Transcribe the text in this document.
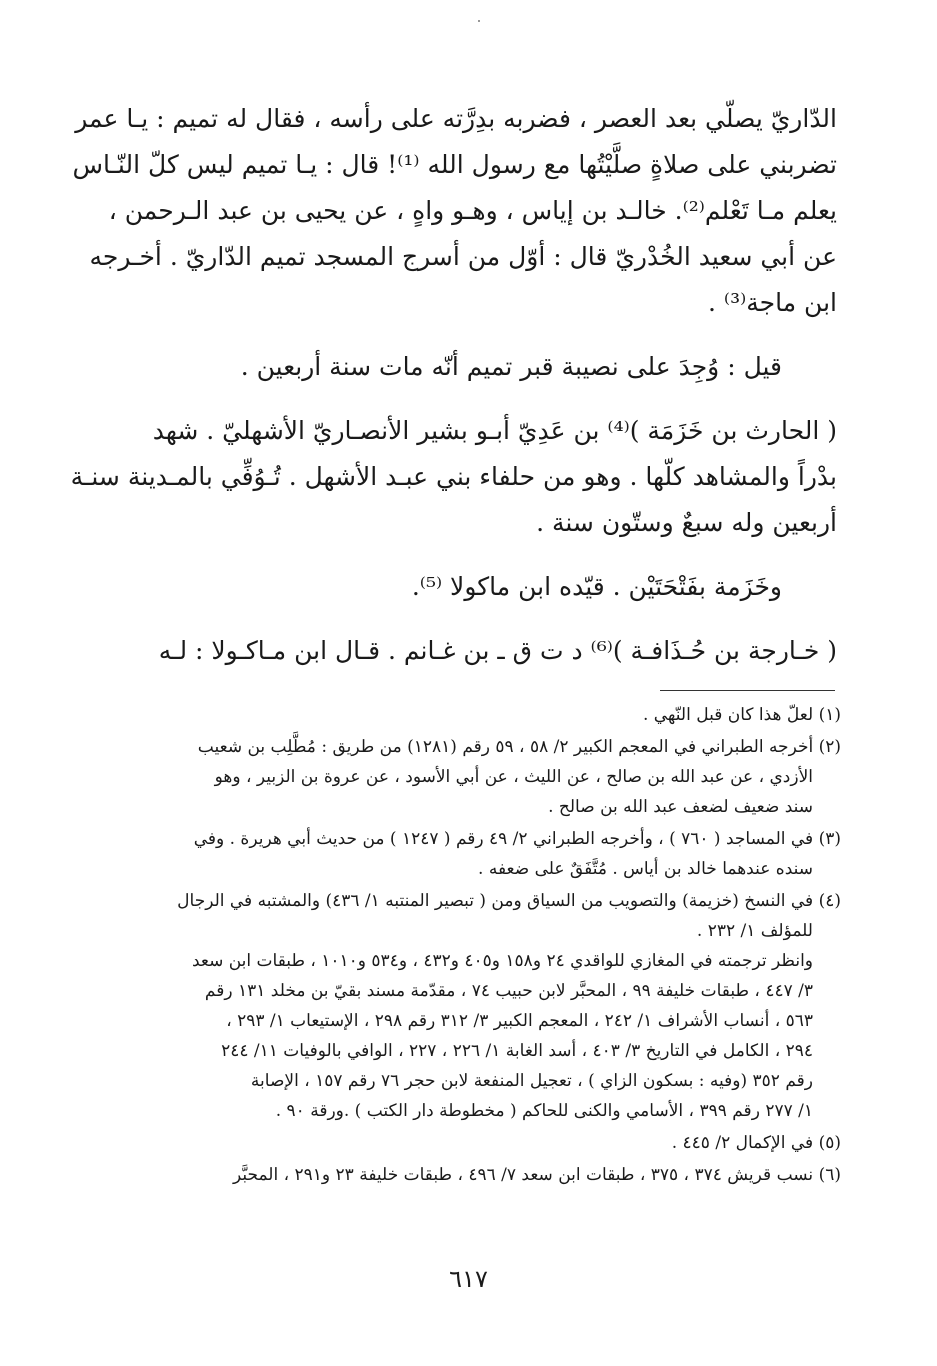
الدّاريّ يصلّي بعد العصر ، فضربه بدِرَّته على رأسه ، فقال له تميم : يـا عمر
تضربني على صلاةٍ صلَّيْتُها مع رسول الله ⁽¹⁾! قال : يـا تميم ليس كلّ النّـاس
يعلم مـا تَعْلم⁽²⁾. خالـد بن إياس ، وهـو واهٍ ، عن يحيى بن عبد الـرحمن ،
عن أبي سعيد الخُدْريّ قال : أوّل من أسرج المسجد تميم الدّاريّ . أخـرجه
ابن ماجة⁽³⁾ .
قيل : وُجِدَ على نصيبة قبر تميم أنّه مات سنة أربعين .
( الحارث بن خَزَمَة )⁽⁴⁾ بن عَدِيّ أبـو بشير الأنصـاريّ الأشهليّ . شهد
بدْراً والمشاهد كلّها . وهو من حلفاء بني عبـد الأشهل . تُـوُفِّي بالمـدينة سنـة
أربعين وله سبعٌ وستّون سنة .
وخَزَمة بفَتْحَتَيْن . قيّده ابن ماكولا ⁽⁵⁾.
( خـارجة بن حُـذَافـة )⁽⁶⁾ د ت ق ـ بن غـانم . قـال ابن مـاكـولا : لـه
(١) لعلّ هذا كان قبل النّهي .
(٢) أخرجه الطبراني في المعجم الكبير ٢/ ٥٨ ، ٥٩ رقم (١٢٨١) من طريق : مُطَّلِب بن شعيب
الأزدي ، عن عبد الله بن صالح ، عن الليث ، عن أبي الأسود ، عن عروة بن الزبير ، وهو
سند ضعيف لضعف عبد الله بن صالح .
(٣) في المساجد ( ٧٦٠ ) ، وأخرجه الطبراني ٢/ ٤٩ رقم ( ١٢٤٧ ) من حديث أبي هريرة . وفي
سنده عندهما خالد بن أياس . مُتَّفَقٌ على ضعفه .
(٤) في النسخ (خزيمة) والتصويب من السياق ومن ( تبصير المنتبه ١/ ٤٣٦) والمشتبه في الرجال
للمؤلف ١/ ٢٣٢ .
وانظر ترجمته في المغازي للواقدي ٢٤ و١٥٨ و٤٠٥ و٤٣٢ ، و٥٣٤ و١٠١٠ ، طبقات ابن سعد
٣/ ٤٤٧ ، طبقات خليفة ٩٩ ، المحبَّر لابن حبيب ٧٤ ، مقدّمة مسند بقيّ بن مخلد ١٣١ رقم
٥٦٣ ، أنساب الأشراف ١/ ٢٤٢ ، المعجم الكبير ٣/ ٣١٢ رقم ٢٩٨ ، الإستيعاب ١/ ٢٩٣ ،
٢٩٤ ، الكامل في التاريخ ٣/ ٤٠٣ ، أسد الغابة ١/ ٢٢٦ ، ٢٢٧ ، الوافي بالوفيات ١١/ ٢٤٤
رقم ٣٥٢ (وفيه : بسكون الزاي ) ، تعجيل المنفعة لابن حجر ٧٦ رقم ١٥٧ ، الإصابة
١/ ٢٧٧ رقم ٣٩٩ ، الأسامي والكنى للحاكم ( مخطوطة دار الكتب ) .ورقة ٩٠ .
(٥) في الإكمال ٢/ ٤٤٥ .
(٦) نسب قريش ٣٧٤ ، ٣٧٥ ، طبقات ابن سعد ٧/ ٤٩٦ ، طبقات خليفة ٢٣ و٢٩١ ، المحبَّر
٦١٧
